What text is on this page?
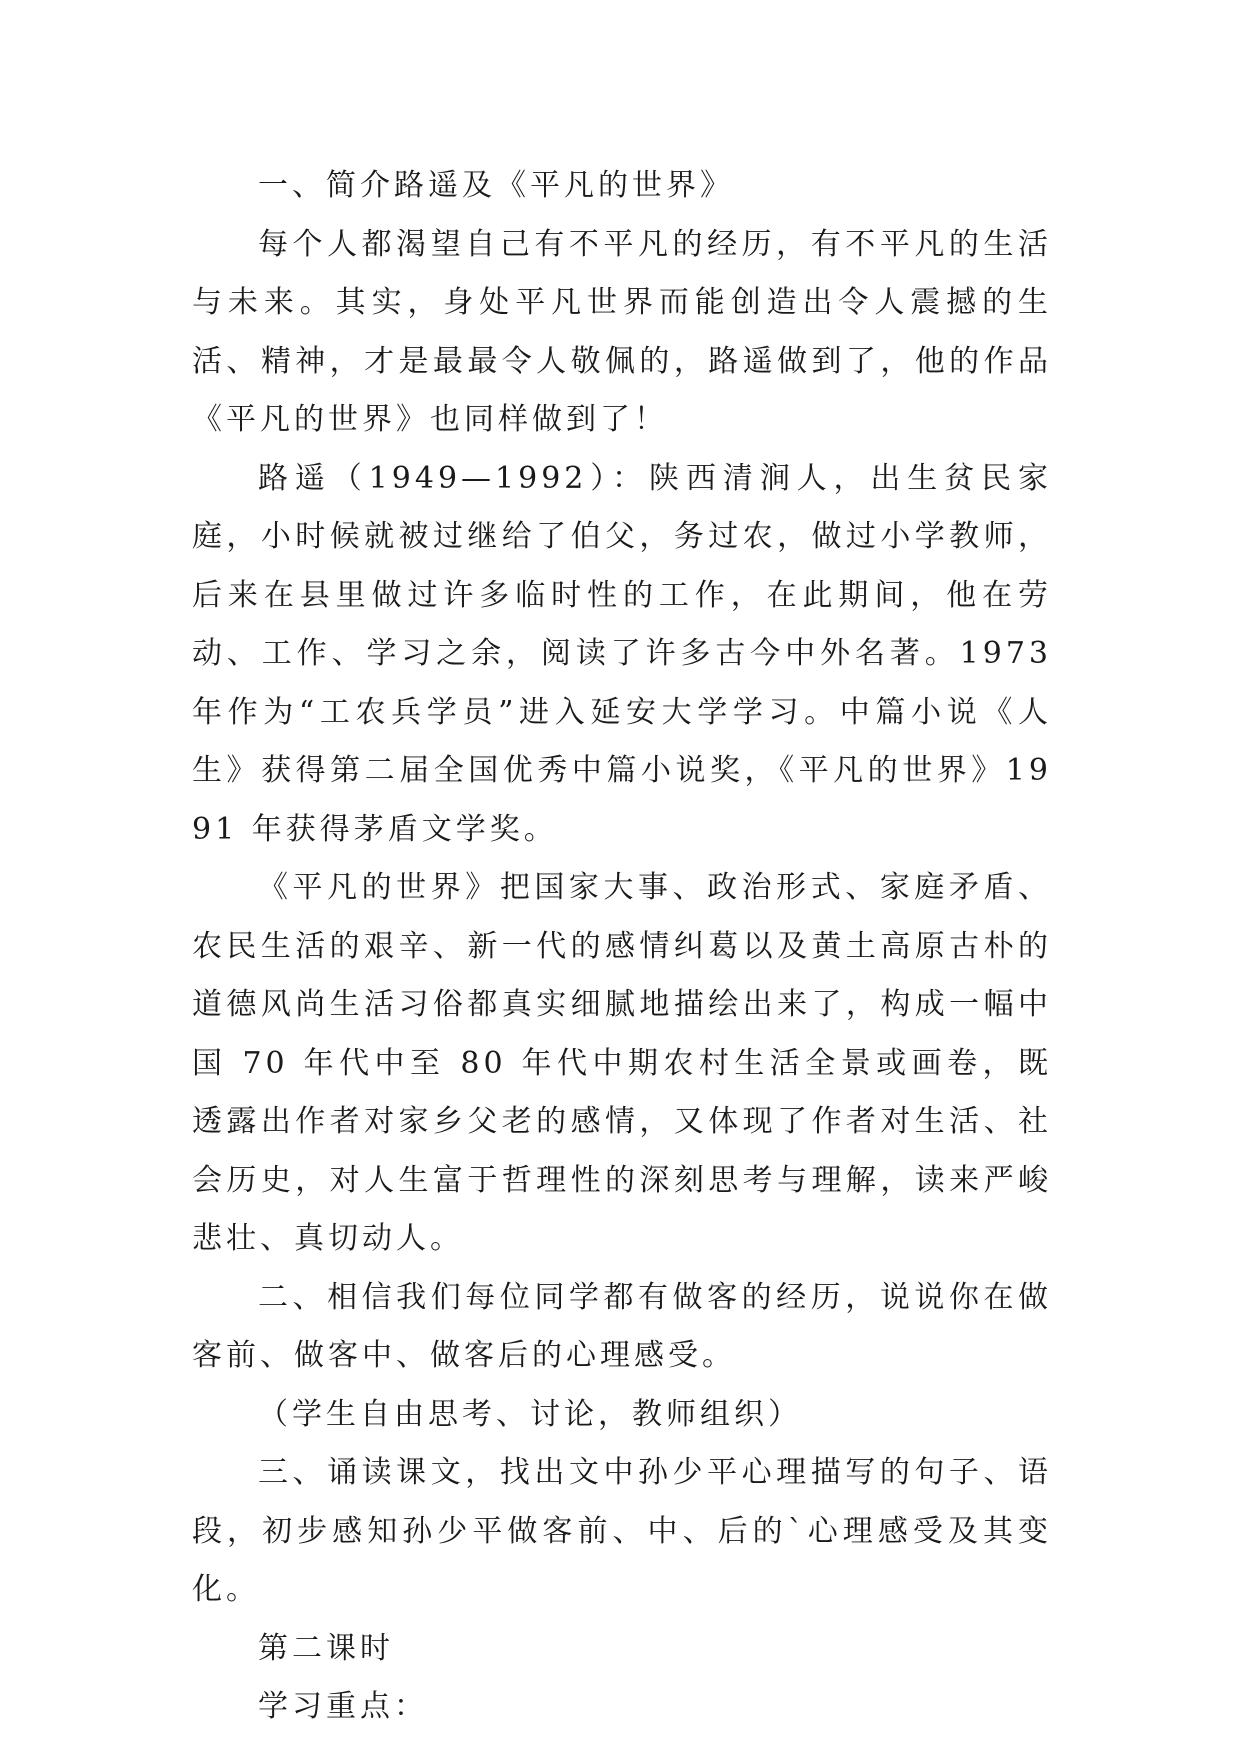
一、简介路遥及《平凡的世界》

每个人都渴望自己有不平凡的经历，有不平凡的生活与未来。其实，身处平凡世界而能创造出令人震撼的生活、精神，才是最最令人敬佩的，路遥做到了，他的作品《平凡的世界》也同样做到了！

路遥（1949—1992）：陕西清涧人，出生贫民家庭，小时候就被过继给了伯父，务过农，做过小学教师，后来在县里做过许多临时性的工作，在此期间，他在劳动、工作、学习之余，阅读了许多古今中外名著。1973 年作为“工农兵学员”进入延安大学学习。中篇小说《人生》获得第二届全国优秀中篇小说奖，《平凡的世界》1991 年获得茅盾文学奖。

《平凡的世界》把国家大事、政治形式、家庭矛盾、农民生活的艰辛、新一代的感情纠葛以及黄土高原古朴的道德风尚生活习俗都真实细腻地描绘出来了，构成一幅中国 70 年代中至 80 年代中期农村生活全景或画卷，既透露出作者对家乡父老的感情，又体现了作者对生活、社会历史，对人生富于哲理性的深刻思考与理解，读来严峻悲壮、真切动人。

二、相信我们每位同学都有做客的经历，说说你在做客前、做客中、做客后的心理感受。

（学生自由思考、讨论，教师组织）

三、诵读课文，找出文中孙少平心理描写的句子、语段，初步感知孙少平做客前、中、后的`心理感受及其变化。

第二课时

学习重点：
